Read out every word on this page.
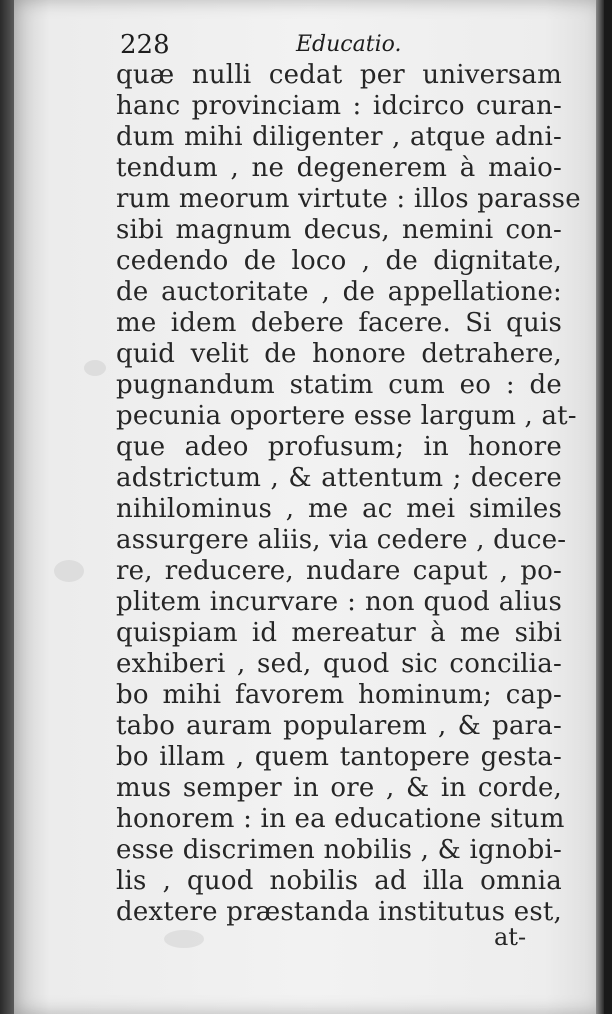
228	Educatio.
quæ nulli cedat per universam
hanc provinciam : idcirco curan-
dum mihi diligenter , atque adni-
tendum , ne degenerem à maio-
rum meorum virtute : illos parasse
sibi magnum decus, nemini con-
cedendo de loco , de dignitate,
de auctoritate , de appellatione:
me idem debere facere. Si quis
quid velit de honore detrahere,
pugnandum statim cum eo : de
pecunia oportere esse largum , at-
que adeo profusum; in honore
adstrictum , & attentum ; decere
nihilominus , me ac mei similes
assurgere aliis, via cedere , duce-
re, reducere, nudare caput , po-
plitem incurvare : non quod alius
quispiam id mereatur à me sibi
exhiberi , sed, quod sic concilia-
bo mihi favorem hominum; cap-
tabo auram popularem , & para-
bo illam , quem tantopere gesta-
mus semper in ore , & in corde,
honorem : in ea educatione situm
esse discrimen nobilis , & ignobi-
lis , quod nobilis ad illa omnia
dextere præstanda institutus est,
at-
